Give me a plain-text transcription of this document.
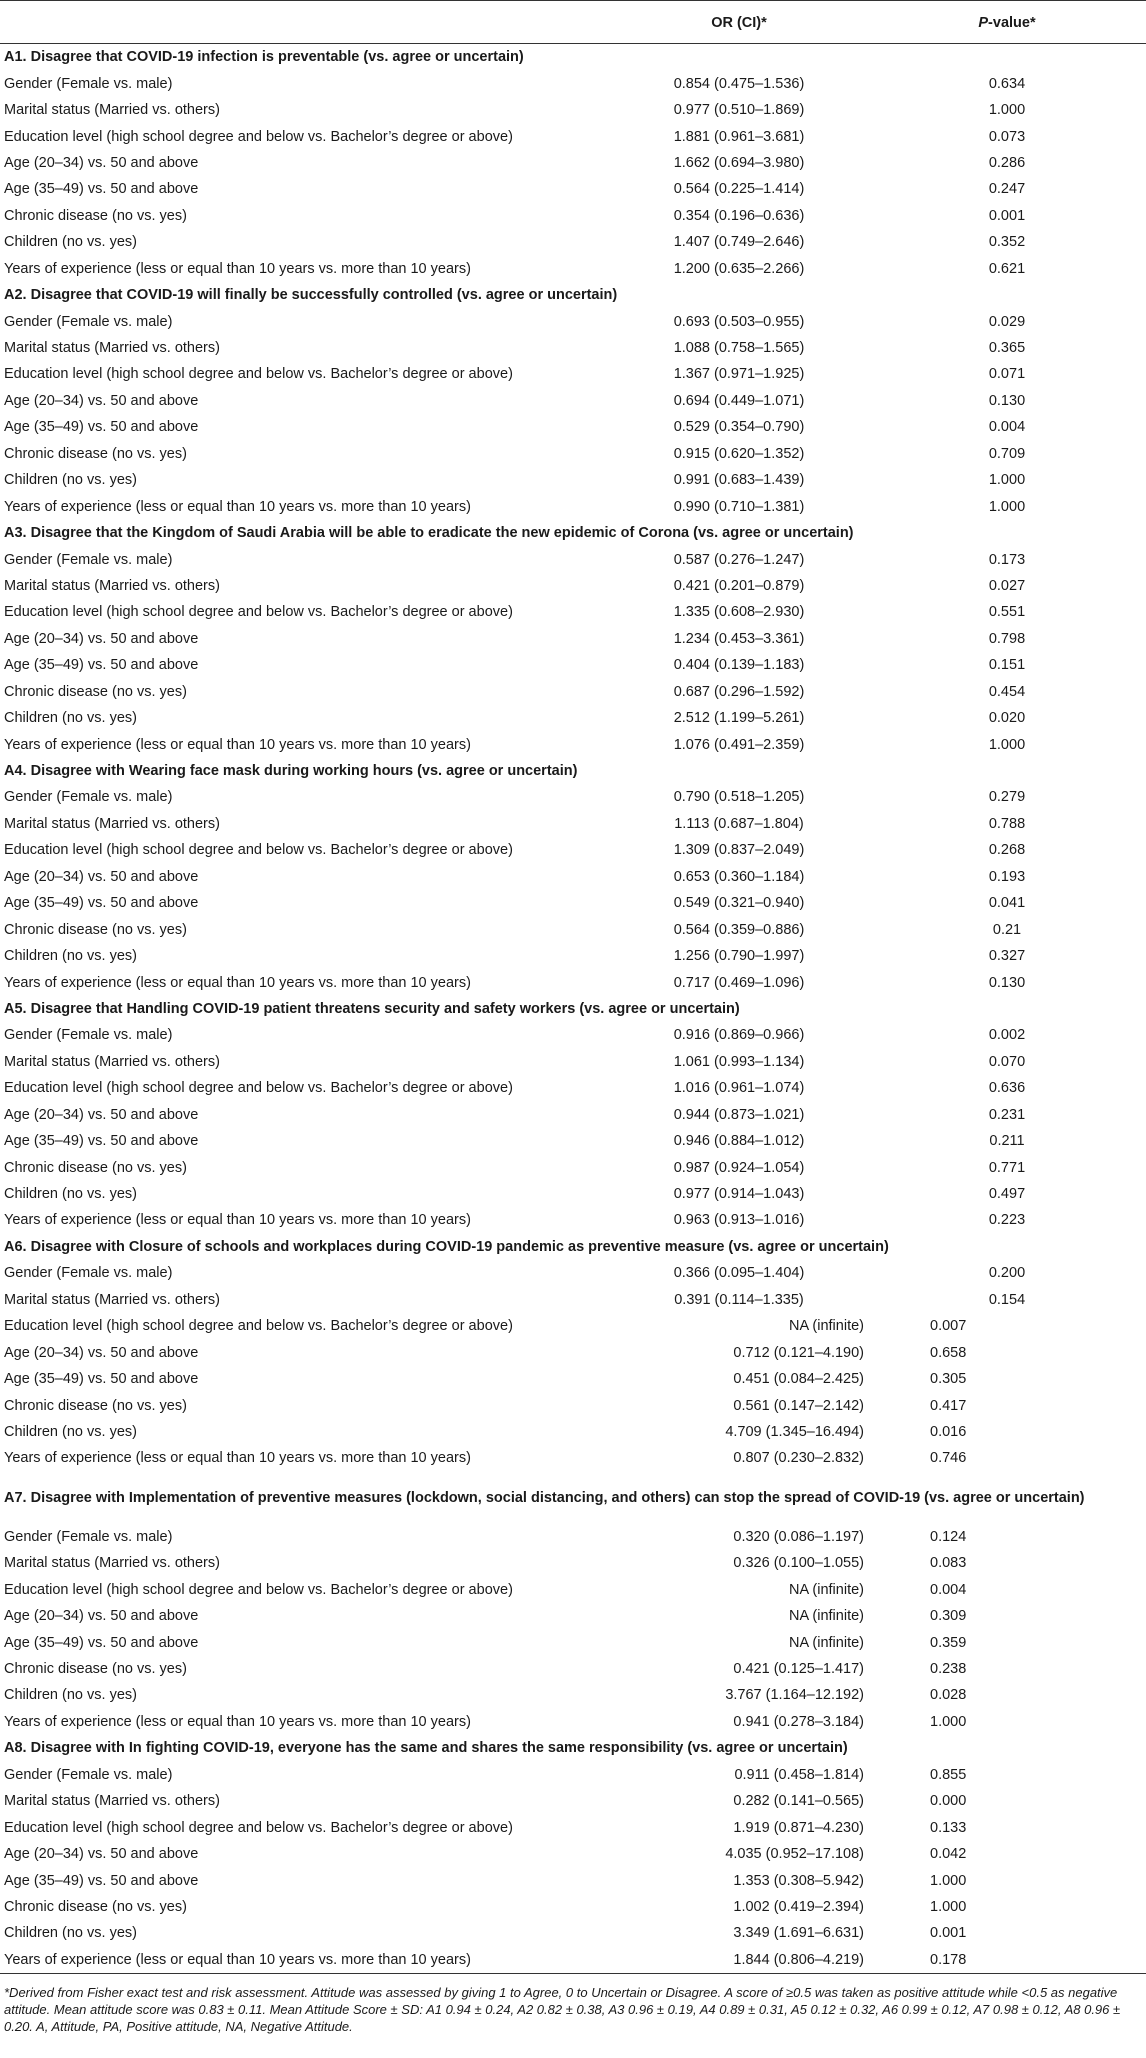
	OR (CI)*	P-value*
A1. Disagree that COVID-19 infection is preventable (vs. agree or uncertain)		
Gender (Female vs. male)	0.854 (0.475–1.536)	0.634
Marital status (Married vs. others)	0.977 (0.510–1.869)	1.000
Education level (high school degree and below vs. Bachelor’s degree or above)	1.881 (0.961–3.681)	0.073
Age (20–34) vs. 50 and above	1.662 (0.694–3.980)	0.286
Age (35–49) vs. 50 and above	0.564 (0.225–1.414)	0.247
Chronic disease (no vs. yes)	0.354 (0.196–0.636)	0.001
Children (no vs. yes)	1.407 (0.749–2.646)	0.352
Years of experience (less or equal than 10 years vs. more than 10 years)	1.200 (0.635–2.266)	0.621
A2. Disagree that COVID-19 will finally be successfully controlled (vs. agree or uncertain)		
Gender (Female vs. male)	0.693 (0.503–0.955)	0.029
Marital status (Married vs. others)	1.088 (0.758–1.565)	0.365
Education level (high school degree and below vs. Bachelor’s degree or above)	1.367 (0.971–1.925)	0.071
Age (20–34) vs. 50 and above	0.694 (0.449–1.071)	0.130
Age (35–49) vs. 50 and above	0.529 (0.354–0.790)	0.004
Chronic disease (no vs. yes)	0.915 (0.620–1.352)	0.709
Children (no vs. yes)	0.991 (0.683–1.439)	1.000
Years of experience (less or equal than 10 years vs. more than 10 years)	0.990 (0.710–1.381)	1.000
A3. Disagree that the Kingdom of Saudi Arabia will be able to eradicate the new epidemic of Corona (vs. agree or uncertain)		
Gender (Female vs. male)	0.587 (0.276–1.247)	0.173
Marital status (Married vs. others)	0.421 (0.201–0.879)	0.027
Education level (high school degree and below vs. Bachelor’s degree or above)	1.335 (0.608–2.930)	0.551
Age (20–34) vs. 50 and above	1.234 (0.453–3.361)	0.798
Age (35–49) vs. 50 and above	0.404 (0.139–1.183)	0.151
Chronic disease (no vs. yes)	0.687 (0.296–1.592)	0.454
Children (no vs. yes)	2.512 (1.199–5.261)	0.020
Years of experience (less or equal than 10 years vs. more than 10 years)	1.076 (0.491–2.359)	1.000
A4. Disagree with Wearing face mask during working hours (vs. agree or uncertain)		
Gender (Female vs. male)	0.790 (0.518–1.205)	0.279
Marital status (Married vs. others)	1.113 (0.687–1.804)	0.788
Education level (high school degree and below vs. Bachelor’s degree or above)	1.309 (0.837–2.049)	0.268
Age (20–34) vs. 50 and above	0.653 (0.360–1.184)	0.193
Age (35–49) vs. 50 and above	0.549 (0.321–0.940)	0.041
Chronic disease (no vs. yes)	0.564 (0.359–0.886)	0.21
Children (no vs. yes)	1.256 (0.790–1.997)	0.327
Years of experience (less or equal than 10 years vs. more than 10 years)	0.717 (0.469–1.096)	0.130
A5. Disagree that Handling COVID-19 patient threatens security and safety workers (vs. agree or uncertain)		
Gender (Female vs. male)	0.916 (0.869–0.966)	0.002
Marital status (Married vs. others)	1.061 (0.993–1.134)	0.070
Education level (high school degree and below vs. Bachelor’s degree or above)	1.016 (0.961–1.074)	0.636
Age (20–34) vs. 50 and above	0.944 (0.873–1.021)	0.231
Age (35–49) vs. 50 and above	0.946 (0.884–1.012)	0.211
Chronic disease (no vs. yes)	0.987 (0.924–1.054)	0.771
Children (no vs. yes)	0.977 (0.914–1.043)	0.497
Years of experience (less or equal than 10 years vs. more than 10 years)	0.963 (0.913–1.016)	0.223
A6. Disagree with Closure of schools and workplaces during COVID-19 pandemic as preventive measure (vs. agree or uncertain)		
Gender (Female vs. male)	0.366 (0.095–1.404)	0.200
Marital status (Married vs. others)	0.391 (0.114–1.335)	0.154
Education level (high school degree and below vs. Bachelor’s degree or above)	NA (infinite)	0.007
Age (20–34) vs. 50 and above	0.712 (0.121–4.190)	0.658
Age (35–49) vs. 50 and above	0.451 (0.084–2.425)	0.305
Chronic disease (no vs. yes)	0.561 (0.147–2.142)	0.417
Children (no vs. yes)	4.709 (1.345–16.494)	0.016
Years of experience (less or equal than 10 years vs. more than 10 years)	0.807 (0.230–2.832)	0.746
A7. Disagree with Implementation of preventive measures (lockdown, social distancing, and others) can stop the spread of COVID-19 (vs. agree or uncertain)		
Gender (Female vs. male)	0.320 (0.086–1.197)	0.124
Marital status (Married vs. others)	0.326 (0.100–1.055)	0.083
Education level (high school degree and below vs. Bachelor’s degree or above)	NA (infinite)	0.004
Age (20–34) vs. 50 and above	NA (infinite)	0.309
Age (35–49) vs. 50 and above	NA (infinite)	0.359
Chronic disease (no vs. yes)	0.421 (0.125–1.417)	0.238
Children (no vs. yes)	3.767 (1.164–12.192)	0.028
Years of experience (less or equal than 10 years vs. more than 10 years)	0.941 (0.278–3.184)	1.000
A8. Disagree with In fighting COVID-19, everyone has the same and shares the same responsibility (vs. agree or uncertain)		
Gender (Female vs. male)	0.911 (0.458–1.814)	0.855
Marital status (Married vs. others)	0.282 (0.141–0.565)	0.000
Education level (high school degree and below vs. Bachelor’s degree or above)	1.919 (0.871–4.230)	0.133
Age (20–34) vs. 50 and above	4.035 (0.952–17.108)	0.042
Age (35–49) vs. 50 and above	1.353 (0.308–5.942)	1.000
Chronic disease (no vs. yes)	1.002 (0.419–2.394)	1.000
Children (no vs. yes)	3.349 (1.691–6.631)	0.001
Years of experience (less or equal than 10 years vs. more than 10 years)	1.844 (0.806–4.219)	0.178
*Derived from Fisher exact test and risk assessment. Attitude was assessed by giving 1 to Agree, 0 to Uncertain or Disagree. A score of ≥0.5 was taken as positive attitude while <0.5 as negative attitude. Mean attitude score was 0.83 ± 0.11. Mean Attitude Score ± SD: A1 0.94 ± 0.24, A2 0.82 ± 0.38, A3 0.96 ± 0.19, A4 0.89 ± 0.31, A5 0.12 ± 0.32, A6 0.99 ± 0.12, A7 0.98 ± 0.12, A8 0.96 ± 0.20. A, Attitude, PA, Positive attitude, NA, Negative Attitude.
